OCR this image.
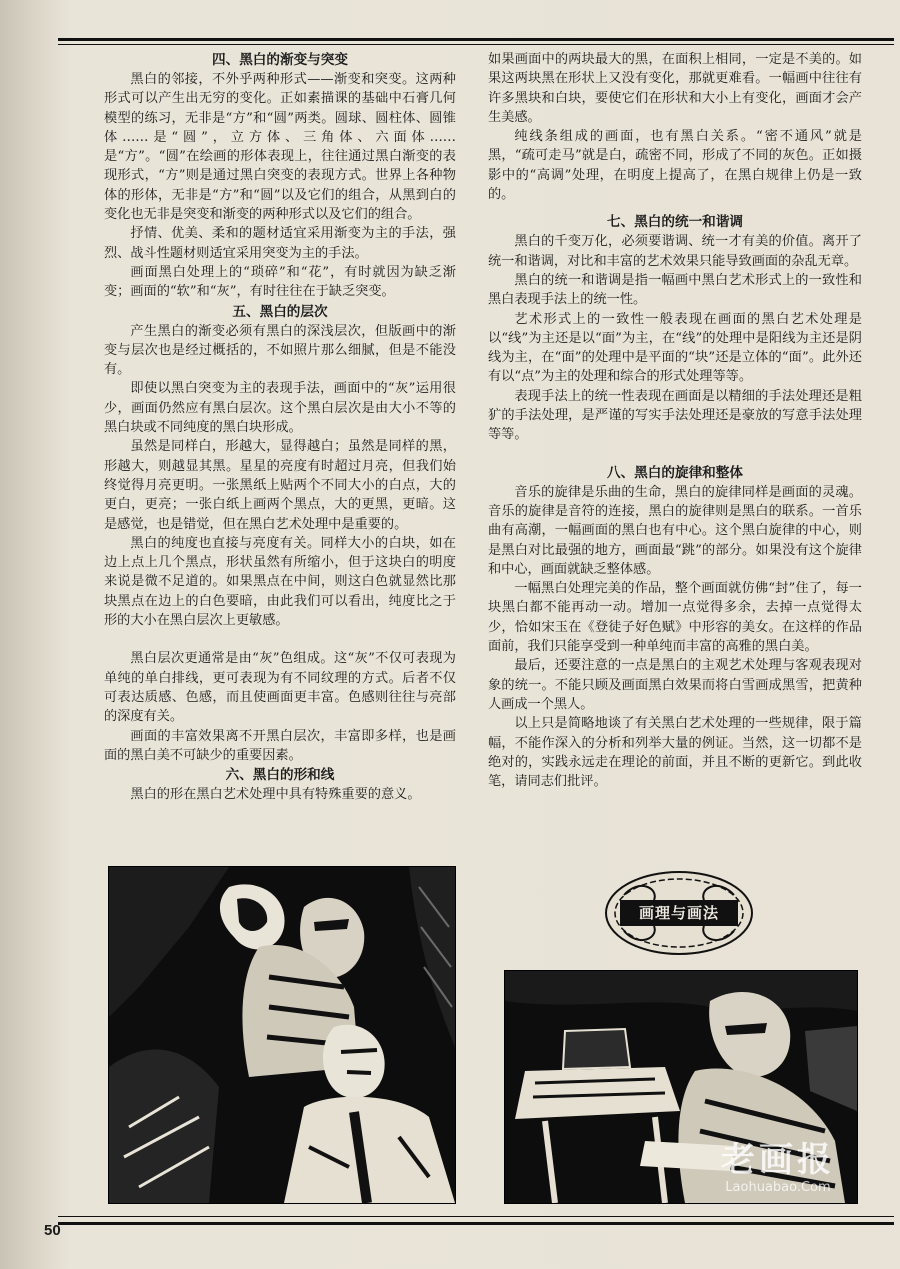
四、黑白的渐变与突变

黑白的邻接，不外乎两种形式——渐变和突变。这两种形式可以产生出无穷的变化。正如素描课的基础中石膏几何模型的练习，无非是“方”和“圆”两类。圆球、圆柱体、圆锥体……是“圆”，立方体、三角体、六面体……是“方”。“圆”在绘画的形体表现上，往往通过黑白渐变的表现形式，“方”则是通过黑白突变的表现方式。世界上各种物体的形体，无非是“方”和“圆”以及它们的组合，从黑到白的变化也无非是突变和渐变的两种形式以及它们的组合。

抒情、优美、柔和的题材适宜采用渐变为主的手法，强烈、战斗性题材则适宜采用突变为主的手法。

画面黑白处理上的“琐碎”和“花”，有时就因为缺乏渐变；画面的“软”和“灰”，有时往往在于缺乏突变。

五、黑白的层次

产生黑白的渐变必须有黑白的深浅层次，但版画中的渐变与层次也是经过概括的，不如照片那么细腻，但是不能没有。

即使以黑白突变为主的表现手法，画面中的“灰”运用很少，画面仍然应有黑白层次。这个黑白层次是由大小不等的黑白块或不同纯度的黑白块形成。

虽然是同样白，形越大，显得越白；虽然是同样的黑，形越大，则越显其黑。星星的亮度有时超过月亮，但我们始终觉得月亮更明。一张黑纸上贴两个不同大小的白点，大的更白，更亮；一张白纸上画两个黑点，大的更黑，更暗。这是感觉，也是错觉，但在黑白艺术处理中是重要的。

黑白的纯度也直接与亮度有关。同样大小的白块，如在边上点上几个黑点，形状虽然有所缩小，但于这块白的明度来说是微不足道的。如果黑点在中间，则这白色就显然比那块黑点在边上的白色要暗，由此我们可以看出，纯度比之于形的大小在黑白层次上更敏感。

黑白层次更通常是由“灰”色组成。这“灰”不仅可表现为单纯的单白排线，更可表现为有不同纹理的方式。后者不仅可表达质感、色感，而且使画面更丰富。色感则往往与亮部的深度有关。

画面的丰富效果离不开黑白层次，丰富即多样，也是画面的黑白美不可缺少的重要因素。

六、黑白的形和线

黑白的形在黑白艺术处理中具有特殊重要的意义。

如果画面中的两块最大的黑，在面积上相同，一定是不美的。如果这两块黑在形状上又没有变化，那就更难看。一幅画中往往有许多黑块和白块，要使它们在形状和大小上有变化，画面才会产生美感。

纯线条组成的画面，也有黑白关系。“密不通风”就是黑，“疏可走马”就是白，疏密不同，形成了不同的灰色。正如摄影中的“高调”处理，在明度上提高了，在黑白规律上仍是一致的。

七、黑白的统一和谐调

黑白的千变万化，必须要谐调、统一才有美的价值。离开了统一和谐调，对比和丰富的艺术效果只能导致画面的杂乱无章。

黑白的统一和谐调是指一幅画中黑白艺术形式上的一致性和黑白表现手法上的统一性。

艺术形式上的一致性一般表现在画面的黑白艺术处理是以“线”为主还是以“面”为主，在“线”的处理中是阳线为主还是阴线为主，在“面”的处理中是平面的“块”还是立体的“面”。此外还有以“点”为主的处理和综合的形式处理等等。

表现手法上的统一性表现在画面是以精细的手法处理还是粗犷的手法处理，是严谨的写实手法处理还是豪放的写意手法处理等等。

八、黑白的旋律和整体

音乐的旋律是乐曲的生命，黑白的旋律同样是画面的灵魂。音乐的旋律是音符的连接，黑白的旋律则是黑白的联系。一首乐曲有高潮，一幅画面的黑白也有中心。这个黑白旋律的中心，则是黑白对比最强的地方，画面最“跳”的部分。如果没有这个旋律和中心，画面就缺乏整体感。

一幅黑白处理完美的作品，整个画面就仿佛“封”住了，每一块黑白都不能再动一动。增加一点觉得多余，去掉一点觉得太少，恰如宋玉在《登徒子好色赋》中形容的美女。在这样的作品面前，我们只能享受到一种单纯而丰富的高雅的黑白美。

最后，还要注意的一点是黑白的主观艺术处理与客观表现对象的统一。不能只顾及画面黑白效果而将白雪画成黑雪，把黄种人画成一个黑人。

以上只是简略地谈了有关黑白艺术处理的一些规律，限于篇幅，不能作深入的分析和列举大量的例证。当然，这一切都不是绝对的，实践永远走在理论的前面，并且不断的更新它。到此收笔，请同志们批评。

画理与画法
老画报
Laohuabao.Com
50
